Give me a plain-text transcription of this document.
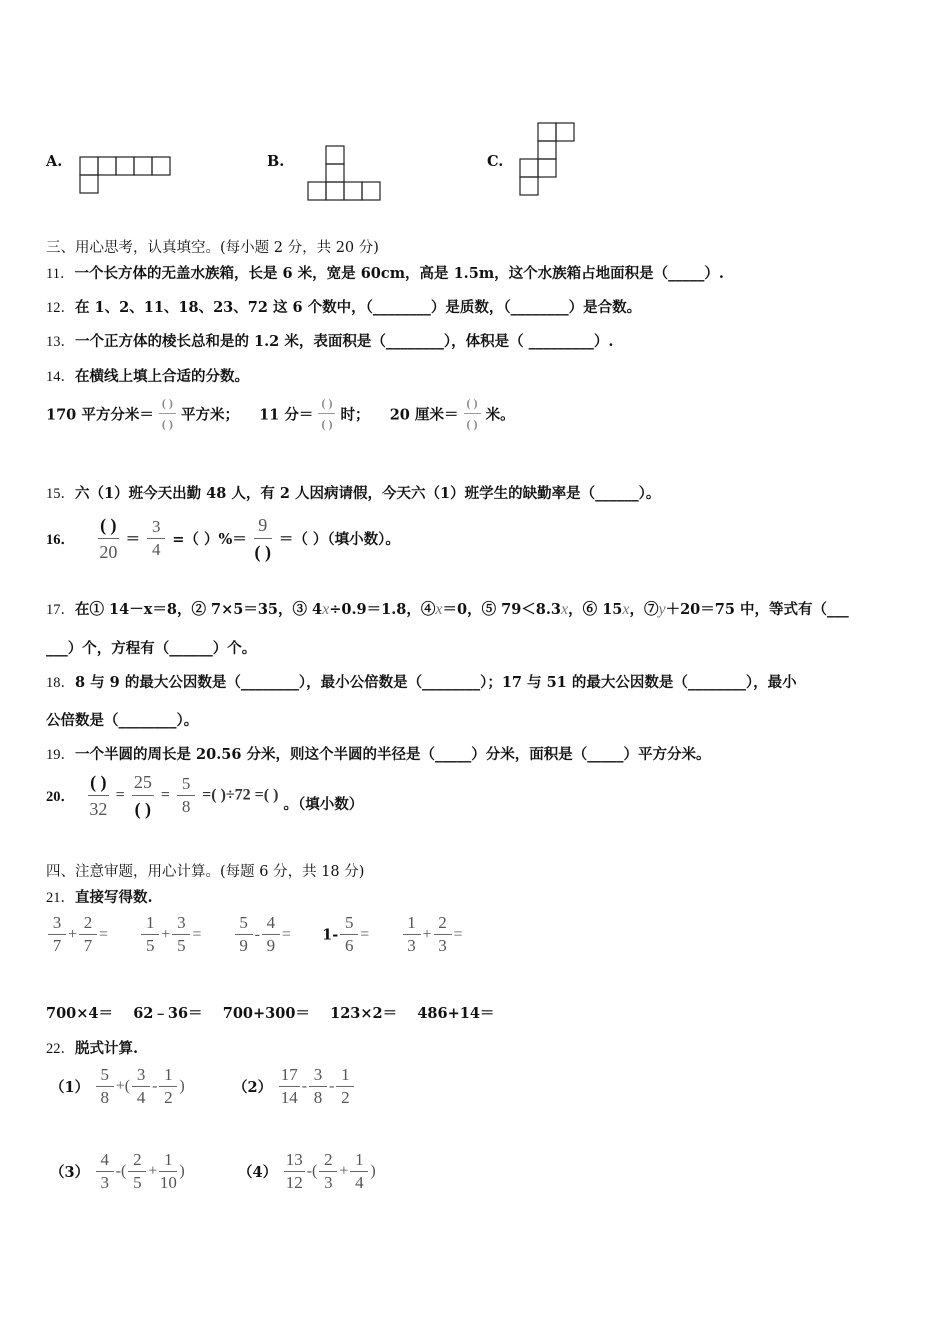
A.	B.	C.
三、用心思考，认真填空。(每小题 2 分，共 20 分)
11．一个长方体的无盖水族箱，长是 6 米，宽是 60cm，高是 1.5m，这个水族箱占地面积是（_____）.
12．在 1、2、11、18、23、72 这 6 个数中，（________）是质数，（________）是合数。
13．一个正方体的棱长总和是的 1.2 米，表面积是（________），体积是（ _________）.
14．在横线上填上合适的分数。
170 平方分米＝ $\frac{( )}{( )}$ 平方米； 11 分＝ $\frac{( )}{( )}$ 时； 20 厘米＝ $\frac{( )}{( )}$ 米。
15．六（1）班今天出勤 48 人，有 2 人因病请假，今天六（1）班学生的缺勤率是（______）。
16． $\frac{( )}{20} = \frac{3}{4}$ =（ ）%＝ $\frac{9}{( )}$ ＝（ ）（填小数）。
17．在① 14－x＝8，② 7×5＝35，③ 4x÷0.9＝1.8，④x＝0，⑤ 79＜8.3x，⑥ 15x，⑦y＋20＝75 中，等式有（___
___）个，方程有（______）个。
18．8 与 9 的最大公因数是（________），最小公倍数是（________）；17 与 51 的最大公因数是（________），最小
公倍数是（________）。
19．一个半圆的周长是 20.56 分米，则这个半圆的半径是（_____）分米，面积是（_____）平方分米。
20． $\frac{( )}{32} = \frac{25}{( )} = \frac{5}{8}$ =( )÷72 =( ) 。（填小数）
四、注意审题，用心计算。(每题 6 分，共 18 分)
21．直接写得数.
$\frac{3}{7} + \frac{2}{7} = \frac{1}{5} + \frac{3}{5} = \frac{5}{9} - \frac{4}{9} = 1- \frac{5}{6} = \frac{1}{3} + \frac{2}{3}$ =
700×4＝    62﹣36＝    700+300＝    123×2＝    486+14＝
22．脱式计算.
$(1) \frac{5}{8}$ +( $\frac{3}{4} - \frac{1}{2}$ )	$(2) \frac{17}{14} - \frac{3}{8} - \frac{1}{2}$
$(3) \frac{4}{3}$ -( $\frac{2}{5} + \frac{1}{10}$ )	$(4) \frac{13}{12}$ -( $\frac{2}{3} + \frac{1}{4}$ )
